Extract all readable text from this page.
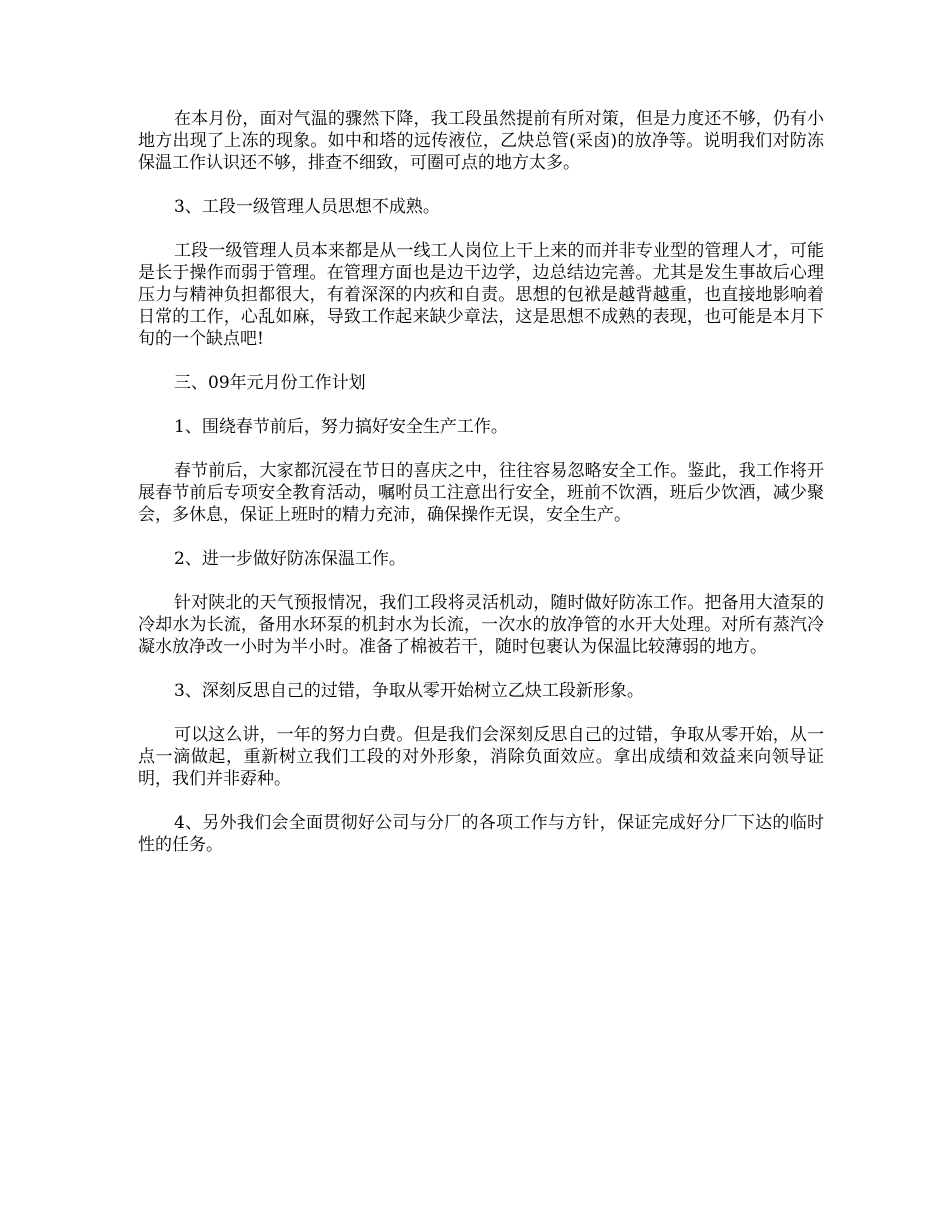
在本月份，面对气温的骤然下降，我工段虽然提前有所对策，但是力度还不够，仍有小地方出现了上冻的现象。如中和塔的远传液位，乙炔总管(采卤)的放净等。说明我们对防冻保温工作认识还不够，排查不细致，可圈可点的地方太多。

3、工段一级管理人员思想不成熟。

工段一级管理人员本来都是从一线工人岗位上干上来的而并非专业型的管理人才，可能是长于操作而弱于管理。在管理方面也是边干边学，边总结边完善。尤其是发生事故后心理压力与精神负担都很大，有着深深的内疚和自责。思想的包袱是越背越重，也直接地影响着日常的工作，心乱如麻，导致工作起来缺少章法，这是思想不成熟的表现，也可能是本月下旬的一个缺点吧!

三、09年元月份工作计划

1、围绕春节前后，努力搞好安全生产工作。

春节前后，大家都沉浸在节日的喜庆之中，往往容易忽略安全工作。鉴此，我工作将开展春节前后专项安全教育活动，嘱咐员工注意出行安全，班前不饮酒，班后少饮酒，减少聚会，多休息，保证上班时的精力充沛，确保操作无误，安全生产。

2、进一步做好防冻保温工作。

针对陕北的天气预报情况，我们工段将灵活机动，随时做好防冻工作。把备用大渣泵的冷却水为长流，备用水环泵的机封水为长流，一次水的放净管的水开大处理。对所有蒸汽冷凝水放净改一小时为半小时。准备了棉被若干，随时包裹认为保温比较薄弱的地方。

3、深刻反思自己的过错，争取从零开始树立乙炔工段新形象。

可以这么讲，一年的努力白费。但是我们会深刻反思自己的过错，争取从零开始，从一点一滴做起，重新树立我们工段的对外形象，消除负面效应。拿出成绩和效益来向领导证明，我们并非孬种。

4、另外我们会全面贯彻好公司与分厂的各项工作与方针，保证完成好分厂下达的临时性的任务。
